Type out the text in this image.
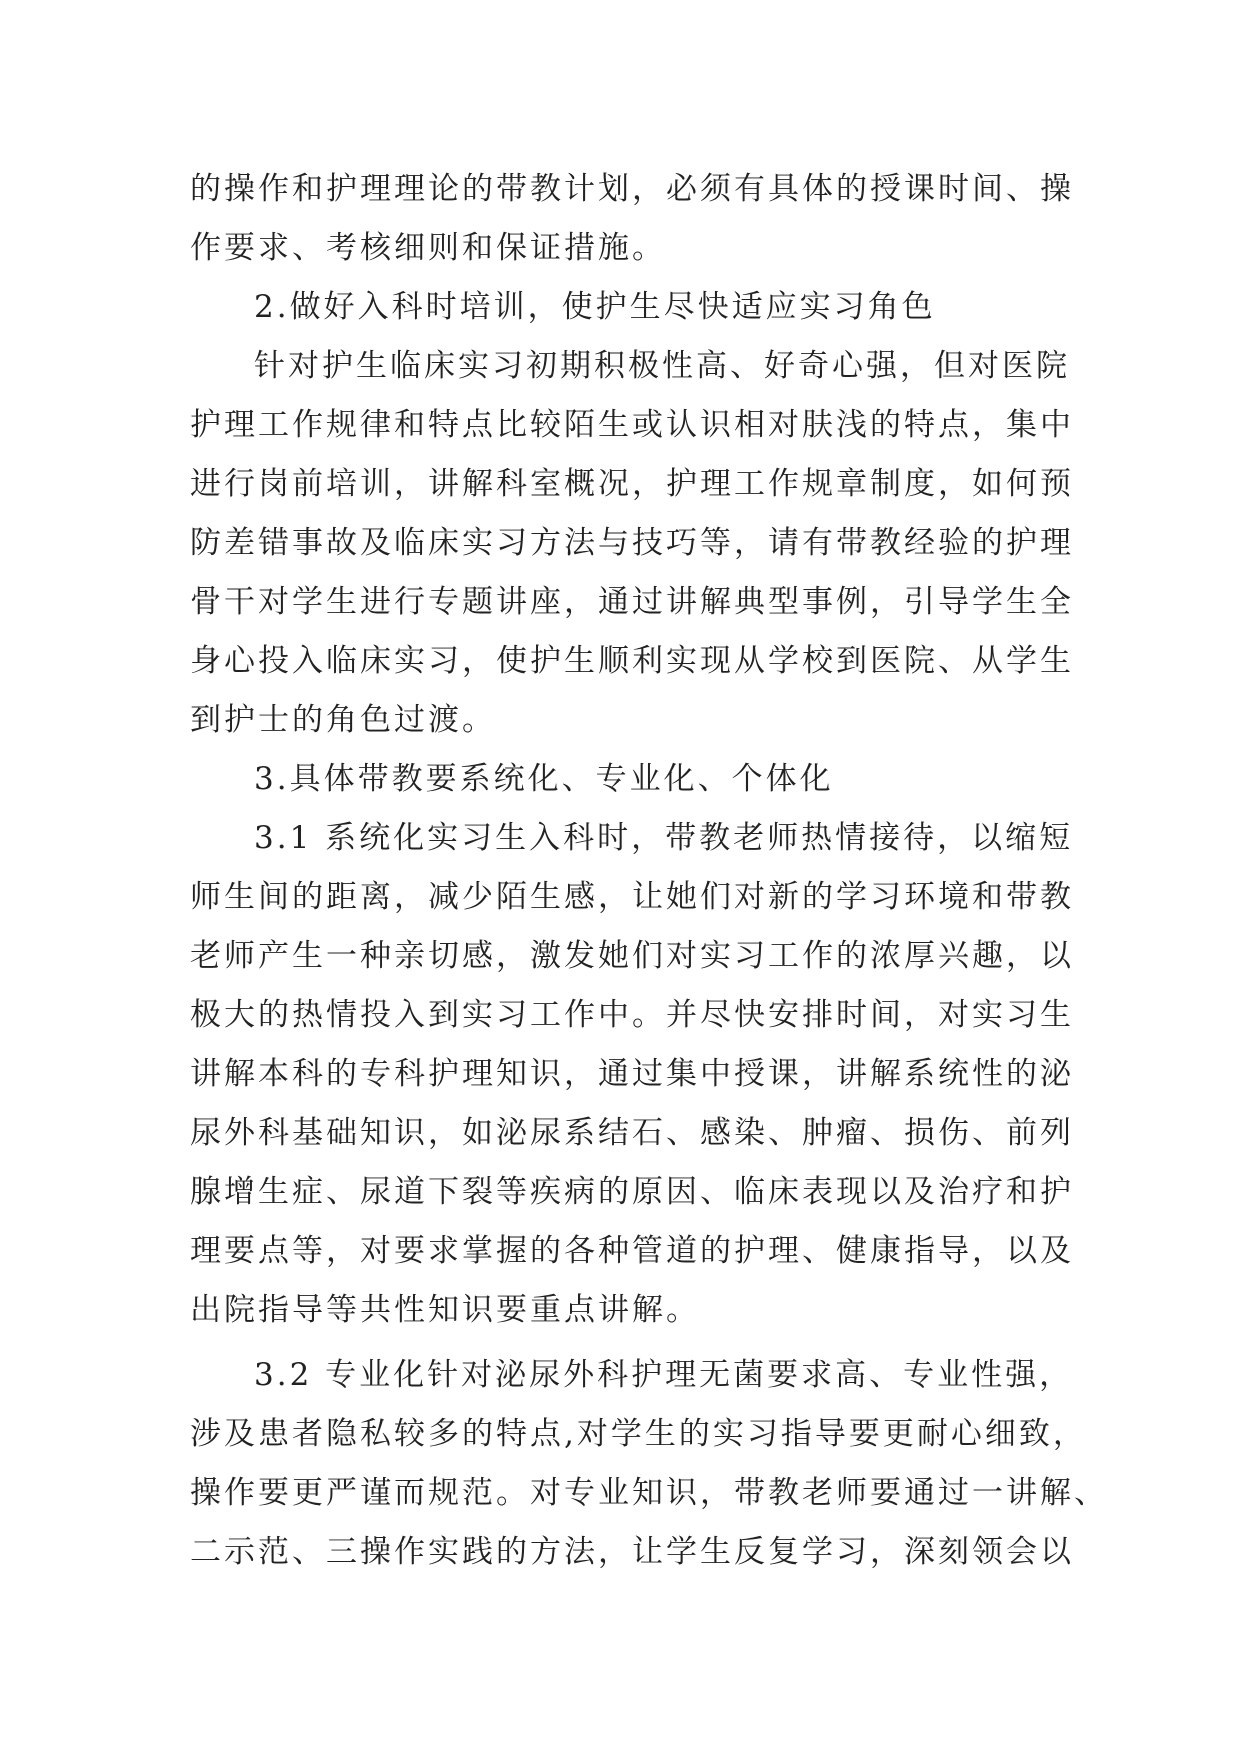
的操作和护理理论的带教计划，必须有具体的授课时间、操
作要求、考核细则和保证措施。
2.做好入科时培训，使护生尽快适应实习角色
针对护生临床实习初期积极性高、好奇心强，但对医院
护理工作规律和特点比较陌生或认识相对肤浅的特点，集中
进行岗前培训，讲解科室概况，护理工作规章制度，如何预
防差错事故及临床实习方法与技巧等，请有带教经验的护理
骨干对学生进行专题讲座，通过讲解典型事例，引导学生全
身心投入临床实习，使护生顺利实现从学校到医院、从学生
到护士的角色过渡。
3.具体带教要系统化、专业化、个体化
3.1 系统化实习生入科时，带教老师热情接待，以缩短
师生间的距离，减少陌生感，让她们对新的学习环境和带教
老师产生一种亲切感，激发她们对实习工作的浓厚兴趣，以
极大的热情投入到实习工作中。并尽快安排时间，对实习生
讲解本科的专科护理知识，通过集中授课，讲解系统性的泌
尿外科基础知识，如泌尿系结石、感染、肿瘤、损伤、前列
腺增生症、尿道下裂等疾病的原因、临床表现以及治疗和护
理要点等，对要求掌握的各种管道的护理、健康指导，以及
出院指导等共性知识要重点讲解。
3.2 专业化针对泌尿外科护理无菌要求高、专业性强，
涉及患者隐私较多的特点,对学生的实习指导要更耐心细致，
操作要更严谨而规范。对专业知识，带教老师要通过一讲解、
二示范、三操作实践的方法，让学生反复学习，深刻领会以
